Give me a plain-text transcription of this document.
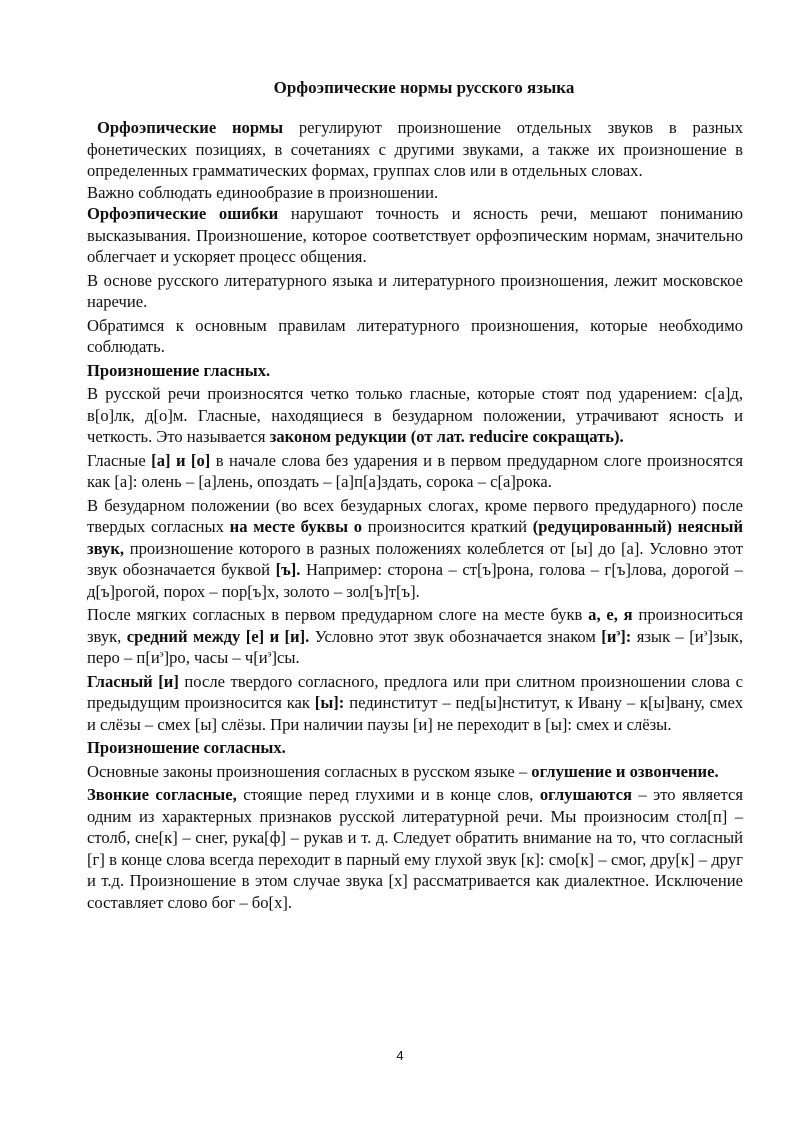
Орфоэпические нормы русского языка

Орфоэпические нормы регулируют произношение отдельных звуков в разных фонетических позициях, в сочетаниях с другими звуками, а также их произношение в определенных грамматических формах, группах слов или в отдельных словах.

Важно соблюдать единообразие в произношении.

Орфоэпические ошибки нарушают точность и ясность речи, мешают пониманию высказывания. Произношение, которое соответствует орфоэпическим нормам, значительно облегчает и ускоряет процесс общения.

В основе русского литературного языка и литературного произношения, лежит московское наречие.

Обратимся к основным правилам литературного произношения, которые необходимо соблюдать.

Произношение гласных.

В русской речи произносятся четко только гласные, которые стоят под ударением: с[а]д, в[о]лк, д[о]м. Гласные, находящиеся в безударном положении, утрачивают ясность и четкость. Это называется законом редукции (от лат. reducire сокращать).

Гласные [а] и [о] в начале слова без ударения и в первом предударном слоге произносятся как [а]: олень – [а]лень, опоздать – [а]п[а]здать, сорока – с[а]рока.

В безударном положении (во всех безударных слогах, кроме первого предударного) после твердых согласных на месте буквы о произносится краткий (редуцированный) неясный звук, произношение которого в разных положениях колеблется от [ы] до [а]. Условно этот звук обозначается буквой [ъ]. Например: сторона – ст[ъ]рона, голова – г[ъ]лова, дорогой – д[ъ]рогой, порох – пор[ъ]х, золото – зол[ъ]т[ъ].

После мягких согласных в первом предударном слоге на месте букв а, е, я произноситься звук, средний между [е] и [и]. Условно этот звук обозначается знаком $[и^э]$: язык – $[и^э]зык$, перо – $п[и^э]ро$, часы – $ч[и^э]сы$.

Гласный [и] после твердого согласного, предлога или при слитном произношении слова с предыдущим произносится как [ы]: пединститут – пед[ы]нститут, к Ивану – к[ы]вану, смех и слёзы – смех [ы] слёзы. При наличии паузы [и] не переходит в [ы]: смех и слёзы.

Произношение согласных.

Основные законы произношения согласных в русском языке – оглушение и озвончение.

Звонкие согласные, стоящие перед глухими и в конце слов, оглушаются – это является одним из характерных признаков русской литературной речи. Мы произносим стол[п] – столб, сне[к] – снег, рука[ф] – рукав и т. д. Следует обратить внимание на то, что согласный [г] в конце слова всегда переходит в парный ему глухой звук [к]: смо[к] – смог, дру[к] – друг и т.д. Произношение в этом случае звука [х] рассматривается как диалектное. Исключение составляет слово бог – бо[х].

4
